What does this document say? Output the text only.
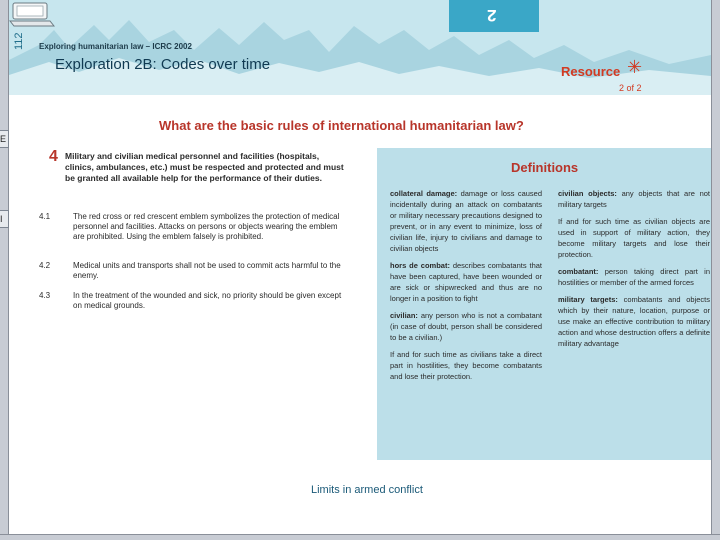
E
I
2
112 Exploring humanitarian law – ICRC 2002
Exploration 2B: Codes over time	Resource ✳
2 of 2
What are the basic rules of international humanitarian law?
4 Military and civilian medical personnel and facilities (hospitals, clinics, ambulances, etc.) must be respected and protected and must be granted all available help for the performance of their duties.
4.1	The red cross or red crescent emblem symbolizes the protection of medical personnel and facilities. Attacks on persons or objects wearing the emblem are prohibited. Using the emblem falsely is prohibited.
4.2	Medical units and transports shall not be used to commit acts harmful to the enemy.
4.3	In the treatment of the wounded and sick, no priority should be given except on medical grounds.
Definitions

collateral damage: damage or loss caused incidentally during an attack on combatants or military necessary precautions designed to prevent, or in any event to minimize, loss of civilian life, injury to civilians and damage to civilian objects

hors de combat: describes combatants that have been captured, have been wounded or are sick or shipwrecked and thus are no longer in a position to fight

civilian: any person who is not a combatant (in case of doubt, person shall be considered to be a civilian.)

If and for such time as civilians take a direct part in hostilities, they become combatants and lose their protection.

civilian objects: any objects that are not military targets

If and for such time as civilian objects are used in support of military action, they become military targets and lose their protection.

combatant: person taking direct part in hostilities or member of the armed forces

military targets: combatants and objects which by their nature, location, purpose or use make an effective contribution to military action and whose destruction offers a definite military advantage

Limits in armed conflict
